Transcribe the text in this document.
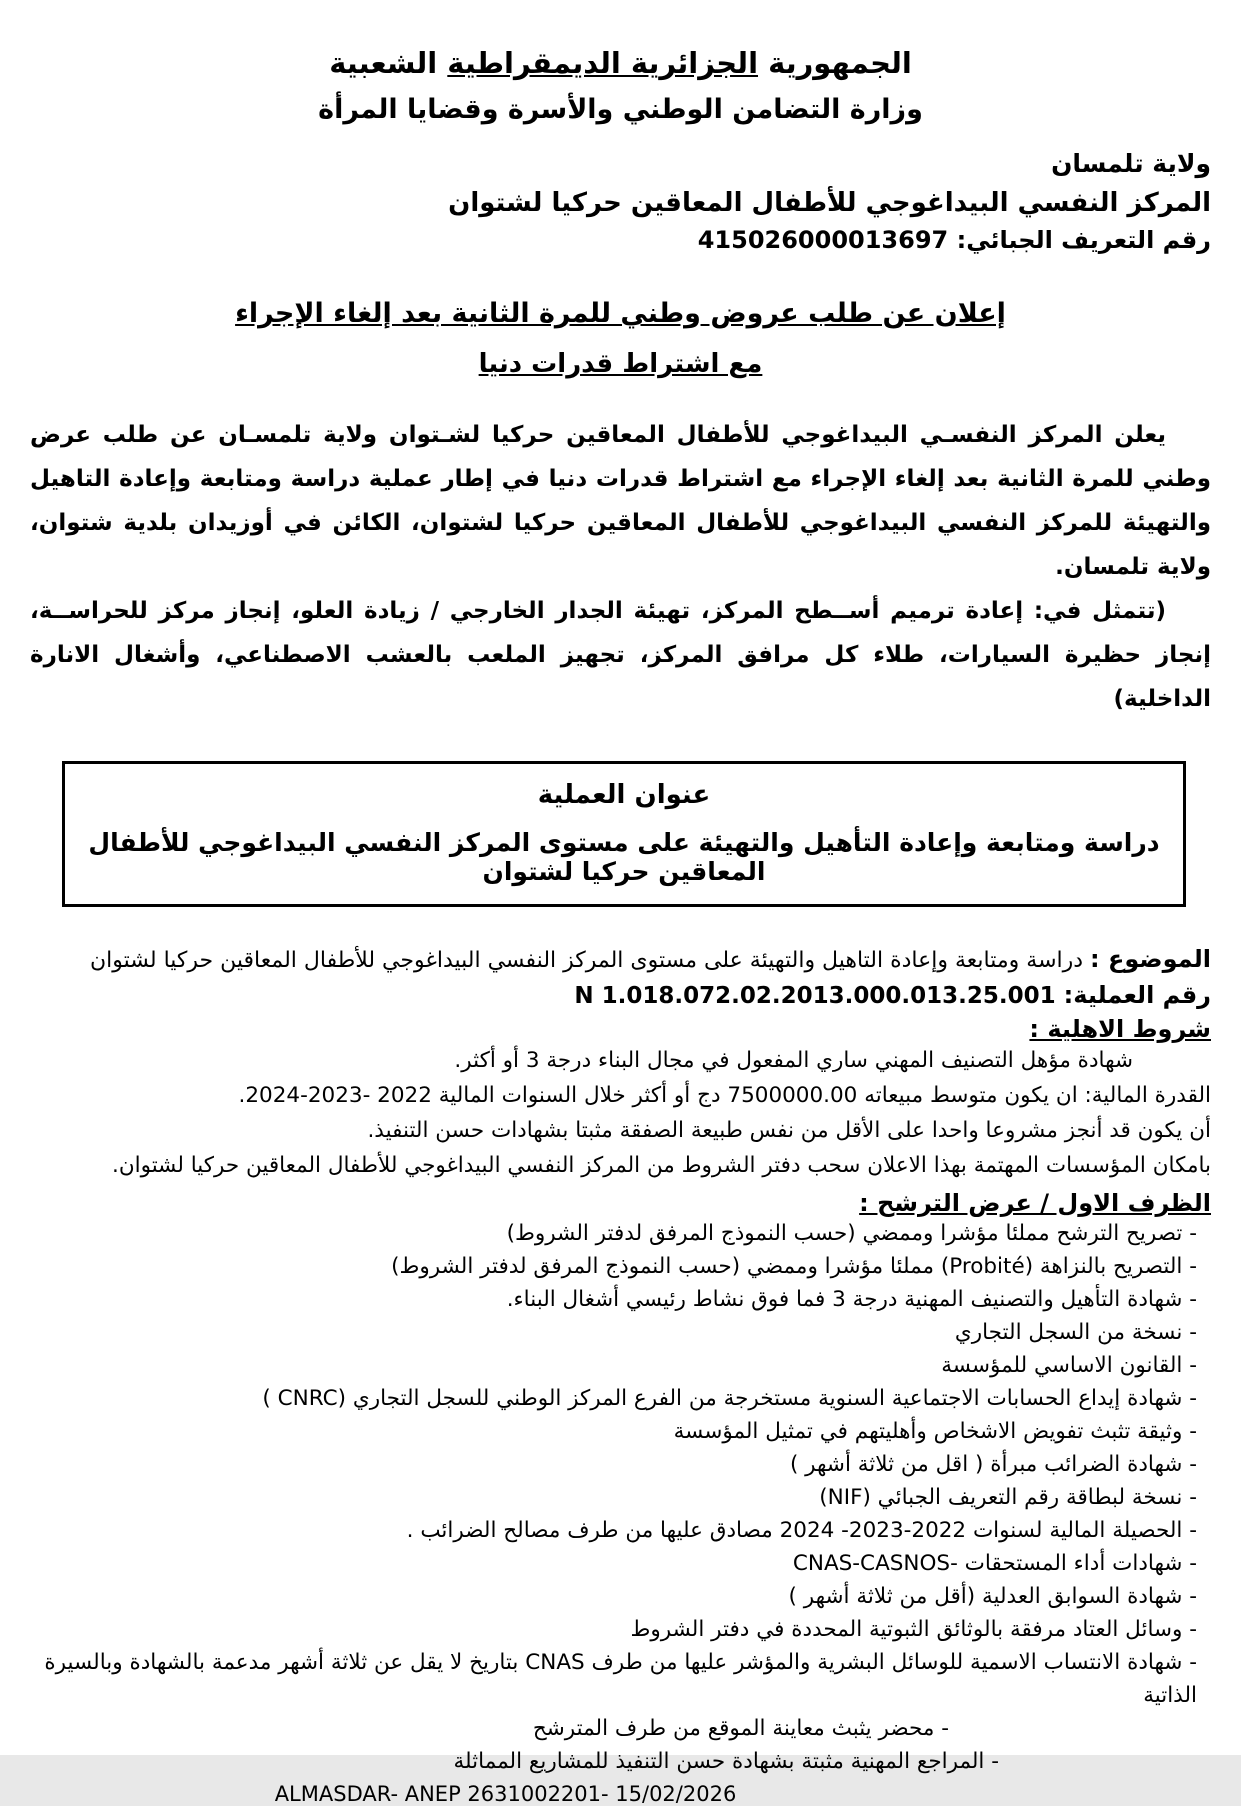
الجمهورية الجزائرية الديمقراطية الشعبية
وزارة التضامن الوطني والأسرة وقضايا المرأة
ولاية تلمسان
المركز النفسي البيداغوجي للأطفال المعاقين حركيا لشتوان
رقم التعريف الجبائي: 415026000013697
إعلان عن طلب عروض وطني للمرة الثانية بعد إلغاء الإجراء
مع اشتراط قدرات دنيا

يعلن المركز النفسـي البيداغوجي للأطفال المعاقين حركيا لشـتوان ولاية تلمسـان عن طلب عرض وطني للمرة الثانية بعد إلغاء الإجراء مع اشتراط قدرات دنيا في إطار عملية دراسة ومتابعة وإعادة التاهيل والتهيئة للمركز النفسي البيداغوجي للأطفال المعاقين حركيا لشتوان، الكائن في أوزيدان بلدية شتوان، ولاية تلمسان.

(تتمثل في: إعادة ترميم أســطح المركز، تهيئة الجدار الخارجي / زيادة العلو، إنجاز مركز للحراســة، إنجاز حظيرة السيارات، طلاء كل مرافق المركز، تجهيز الملعب بالعشب الاصطناعي، وأشغال الانارة الداخلية)

عنوان العملية
دراسة ومتابعة وإعادة التأهيل والتهيئة على مستوى المركز النفسي البيداغوجي للأطفال المعاقين حركيا لشتوان
الموضوع : دراسة ومتابعة وإعادة التاهيل والتهيئة على مستوى المركز النفسي البيداغوجي للأطفال المعاقين حركيا لشتوان
رقم العملية: N 1.018.072.02.2013.000.013.25.001
شروط الاهلية :
شهادة مؤهل التصنيف المهني ساري المفعول في مجال البناء درجة 3 أو أكثر.
القدرة المالية: ان يكون متوسط مبيعاته 7500000.00 دج أو أكثر خلال السنوات المالية 2022 -2023-2024.
أن يكون قد أنجز مشروعا واحدا على الأقل من نفس طبيعة الصفقة مثبتا بشهادات حسن التنفيذ.
بامكان المؤسسات المهتمة بهذا الاعلان سحب دفتر الشروط من المركز النفسي البيداغوجي للأطفال المعاقين حركيا لشتوان.
الظرف الاول / عرض الترشح :
- تصريح الترشح مملئا مؤشرا وممضي (حسب النموذج المرفق لدفتر الشروط)
- التصريح بالنزاهة (Probité) مملئا مؤشرا وممضي (حسب النموذج المرفق لدفتر الشروط)
- شهادة التأهيل والتصنيف المهنية درجة 3 فما فوق نشاط رئيسي أشغال البناء.
- نسخة من السجل التجاري
- القانون الاساسي للمؤسسة
- شهادة إيداع الحسابات الاجتماعية السنوية مستخرجة من الفرع المركز الوطني للسجل التجاري (CNRC )
- وثيقة تثبث تفويض الاشخاص وأهليتهم في تمثيل المؤسسة
- شهادة الضرائب مبرأة ( اقل من ثلاثة أشهر )
- نسخة لبطاقة رقم التعريف الجبائي (NIF)
- الحصيلة المالية لسنوات 2022-2023- 2024 مصادق عليها من طرف مصالح الضرائب .
- شهادات أداء المستحقات -CNAS-CASNOS
- شهادة السوابق العدلية (أقل من ثلاثة أشهر )
- وسائل العتاد مرفقة بالوثائق الثبوتية المحددة في دفتر الشروط
- شهادة الانتساب الاسمية للوسائل البشرية والمؤشر عليها من طرف CNAS بتاريخ لا يقل عن ثلاثة أشهر مدعمة بالشهادة وبالسيرة الذاتية
- محضر يثبث معاينة الموقع من طرف المترشح
- المراجع المهنية مثبتة بشهادة حسن التنفيذ للمشاريع المماثلة
ALMASDAR- ANEP 2631002201- 15/02/2026
